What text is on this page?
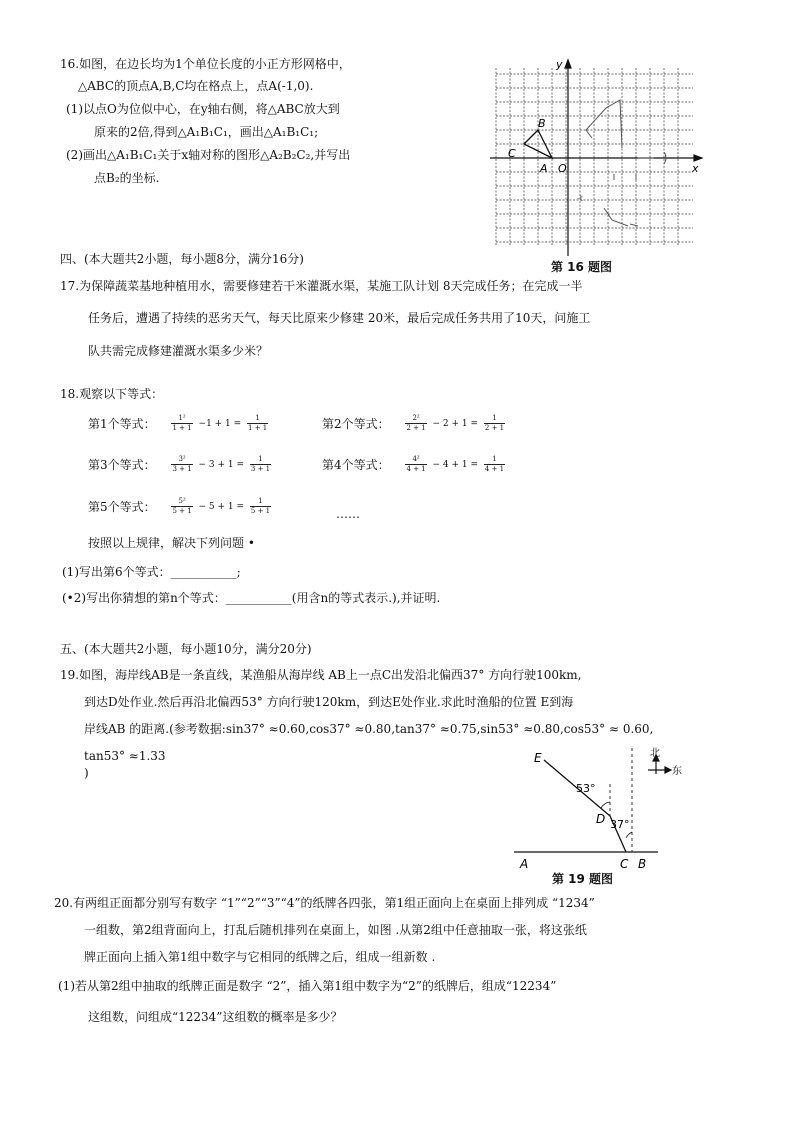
16.如图，在边长均为1个单位长度的小正方形网格中，
△ABC的顶点A,B,C均在格点上，点A(-1,0).
(1)以点O为位似中心，在y轴右侧，将△ABC放大到
原来的2倍,得到△A₁B₁C₁，画出△A₁B₁C₁;
(2)画出△A₁B₁C₁关于x轴对称的图形△A₂B₂C₂,并写出
点B₂的坐标.
x
y
O
A
B
C
-t
第 16 题图
四、(本大题共2小题，每小题8分，满分16分)
17.为保障蔬菜基地种植用水，需要修建若干米灌溉水渠，某施工队计划 8天完成任务；在完成一半
任务后，遭遇了持续的恶劣天气，每天比原来少修建 20米，最后完成任务共用了10天，问施工
队共需完成修建灌溉水渠多少米？
18.观察以下等式：
第1个等式： $\frac{\text{1²}}{1 + 1} -1 + 1 = \frac{1}{1 + 1}$	第2个等式： $\frac{\text{2²}}{2 + 1} - 2 + 1 = \frac{1}{2 + 1}$
第3个等式： $\frac{\text{3²}}{3 + 1} - 3 + 1 = \frac{1}{3 + 1}$	第4个等式： $\frac{\text{4²}}{4 + 1} - 4 + 1 = \frac{1}{4 + 1}$
第5个等式： $\frac{\text{5²}}{5 + 1} - 5 + 1 = \frac{1}{5 + 1}$	……
按照以上规律，解决下列问题 •
(1)写出第6个等式：___________;
(•2)写出你猜想的第n个等式：___________(用含n的等式表示.),并证明.
五、(本大题共2小题，每小题10分，满分20分)
19.如图，海岸线AB是一条直线，某渔船从海岸线 AB上一点C出发沿北偏西37° 方向行驶100km,
到达D处作业.然后再沿北偏西53° 方向行驶120km，到达E处作业.求此时渔船的位置 E到海
岸线AB 的距离.(参考数据:sin37° ≈0.60,cos37° ≈0.80,tan37° ≈0.75,sin53° ≈0.80,cos53° ≈ 0.60,
tan53° ≈1.33
)
E
D
A	C B
53°
37°
北
东
第 19 题图
20.有两组正面都分别写有数字 “1”“2”“3”“4”的纸牌各四张，第1组正面向上在桌面上排列成 “1234”
一组数，第2组背面向上，打乱后随机排列在桌面上，如图 .从第2组中任意抽取一张，将这张纸
牌正面向上插入第1组中数字与它相同的纸牌之后，组成一组新数 .
(1)若从第2组中抽取的纸牌正面是数字 “2”，插入第1组中数字为“2”的纸牌后，组成“12234”
这组数，问组成“12234”这组数的概率是多少？
